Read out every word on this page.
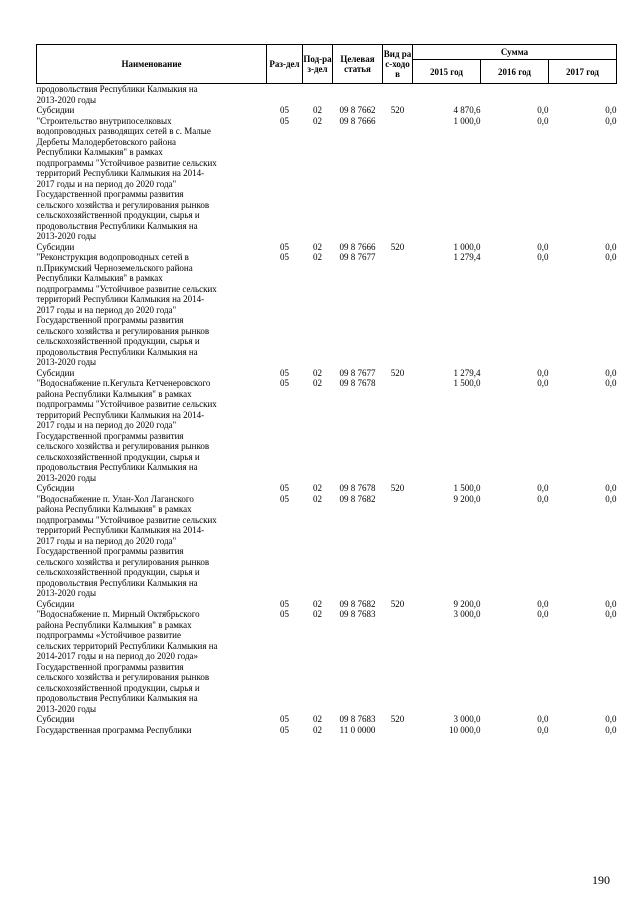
Наименование	Раз-дел	Под-раз-дел	Целевая статья	Вид рас-ходов	Сумма		
					2015 год	2016 год	2017 год
продовольствия Республики Калмыкия на							
2013-2020 годы							
Субсидии	05	02	09 8 7662	520	4 870,6	0,0	0,0
"Строительство внутрипоселковых	05	02	09 8 7666		1 000,0	0,0	0,0
водопроводных разводящих сетей в с. Малые							
Дербеты Малодербетовского района							
Республики Калмыкия" в рамках							
подпрограммы "Устойчивое развитие сельских							
территорий Республики Калмыкия на 2014-							
2017 годы и на период до 2020 года"							
Государственной программы развития							
сельского хозяйства и регулирования рынков							
сельскохозяйственной продукции, сырья и							
продовольствия Республики Калмыкия на							
2013-2020 годы							
Субсидии	05	02	09 8 7666	520	1 000,0	0,0	0,0
"Реконструкция водопроводных сетей в	05	02	09 8 7677		1 279,4	0,0	0,0
п.Прикумский Черноземельского района							
Республики Калмыкия" в рамках							
подпрограммы "Устойчивое развитие сельских							
территорий Республики Калмыкия на 2014-							
2017 годы и на период до 2020 года"							
Государственной программы развития							
сельского хозяйства и регулирования рынков							
сельскохозяйственной продукции, сырья и							
продовольствия Республики Калмыкия на							
2013-2020 годы							
Субсидии	05	02	09 8 7677	520	1 279,4	0,0	0,0
"Водоснабжение п.Кегульта Кетченеровского	05	02	09 8 7678		1 500,0	0,0	0,0
района Республики Калмыкия" в рамках							
подпрограммы "Устойчивое развитие сельских							
территорий Республики Калмыкия на 2014-							
2017 годы и на период до 2020 года"							
Государственной программы развития							
сельского хозяйства и регулирования рынков							
сельскохозяйственной продукции, сырья и							
продовольствия Республики Калмыкия на							
2013-2020 годы							
Субсидии	05	02	09 8 7678	520	1 500,0	0,0	0,0
"Водоснабжение п. Улан-Хол Лаганского	05	02	09 8 7682		9 200,0	0,0	0,0
района Республики Калмыкия" в рамках							
подпрограммы "Устойчивое развитие сельских							
территорий Республики Калмыкия на 2014-							
2017 годы и на период до 2020 года"							
Государственной программы развития							
сельского хозяйства и регулирования рынков							
сельскохозяйственной продукции, сырья и							
продовольствия Республики Калмыкия на							
2013-2020 годы							
Субсидии	05	02	09 8 7682	520	9 200,0	0,0	0,0
"Водоснабжение п. Мирный Октябрьского	05	02	09 8 7683		3 000,0	0,0	0,0
района Республики Калмыкия" в рамках							
подпрограммы «Устойчивое развитие							
сельских территорий Республики Калмыкия на							
2014-2017 годы и на период до 2020 года»							
Государственной программы развития							
сельского хозяйства и регулирования рынков							
сельскохозяйственной продукции, сырья и							
продовольствия Республики Калмыкия на							
2013-2020 годы							
Субсидии	05	02	09 8 7683	520	3 000,0	0,0	0,0
Государственная программа Республики	05	02	11 0 0000		10 000,0	0,0	0,0
190
